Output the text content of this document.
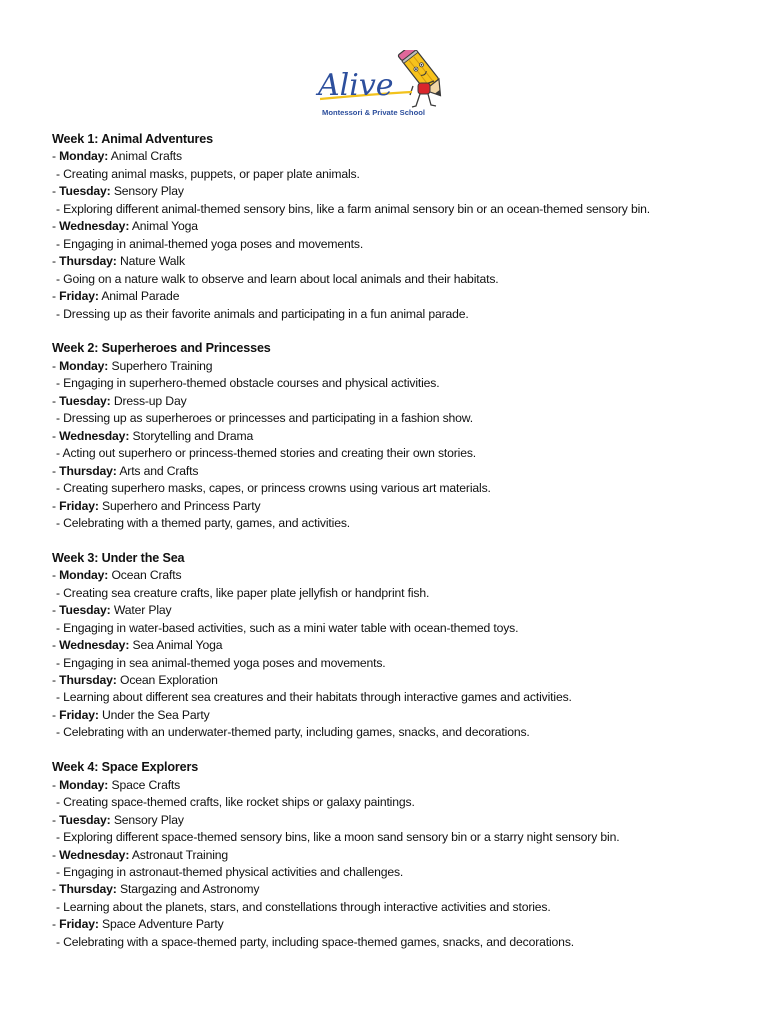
Alive
Montessori & Private School
Week 1: Animal Adventures
- Monday: Animal Crafts
- Creating animal masks, puppets, or paper plate animals.
- Tuesday: Sensory Play
- Exploring different animal-themed sensory bins, like a farm animal sensory bin or an ocean-themed sensory bin.
- Wednesday: Animal Yoga
- Engaging in animal-themed yoga poses and movements.
- Thursday: Nature Walk
- Going on a nature walk to observe and learn about local animals and their habitats.
- Friday: Animal Parade
- Dressing up as their favorite animals and participating in a fun animal parade.
Week 2: Superheroes and Princesses
- Monday: Superhero Training
- Engaging in superhero-themed obstacle courses and physical activities.
- Tuesday: Dress-up Day
- Dressing up as superheroes or princesses and participating in a fashion show.
- Wednesday: Storytelling and Drama
- Acting out superhero or princess-themed stories and creating their own stories.
- Thursday: Arts and Crafts
- Creating superhero masks, capes, or princess crowns using various art materials.
- Friday: Superhero and Princess Party
- Celebrating with a themed party, games, and activities.
Week 3: Under the Sea
- Monday: Ocean Crafts
- Creating sea creature crafts, like paper plate jellyfish or handprint fish.
- Tuesday: Water Play
- Engaging in water-based activities, such as a mini water table with ocean-themed toys.
- Wednesday: Sea Animal Yoga
- Engaging in sea animal-themed yoga poses and movements.
- Thursday: Ocean Exploration
- Learning about different sea creatures and their habitats through interactive games and activities.
- Friday: Under the Sea Party
- Celebrating with an underwater-themed party, including games, snacks, and decorations.
Week 4: Space Explorers
- Monday: Space Crafts
- Creating space-themed crafts, like rocket ships or galaxy paintings.
- Tuesday: Sensory Play
- Exploring different space-themed sensory bins, like a moon sand sensory bin or a starry night sensory bin.
- Wednesday: Astronaut Training
- Engaging in astronaut-themed physical activities and challenges.
- Thursday: Stargazing and Astronomy
- Learning about the planets, stars, and constellations through interactive activities and stories.
- Friday: Space Adventure Party
- Celebrating with a space-themed party, including space-themed games, snacks, and decorations.
